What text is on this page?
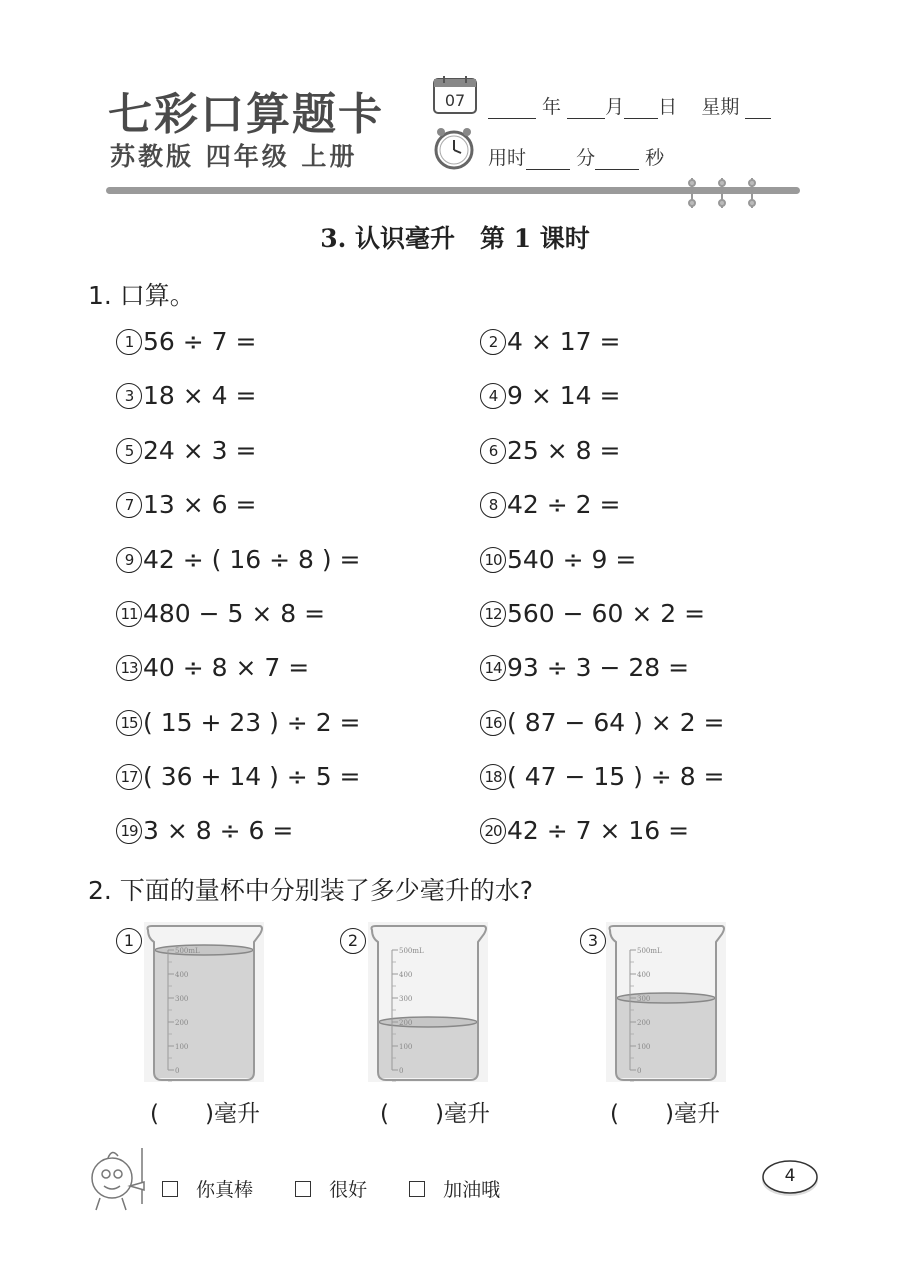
七彩口算题卡
苏教版 四年级 上册
07	年 月 日 星期
用时	分	秒
3. 认识毫升　第 1 课时
1. 口算。
1 56 ÷ 7 =	2 4 × 17 =
3 18 × 4 =	4 9 × 14 =
5 24 × 3 =	6 25 × 8 =
7 13 × 6 =	8 42 ÷ 2 =
9 42 ÷ ( 16 ÷ 8 ) =	10 540 ÷ 9 =
11 480 − 5 × 8 =	12 560 − 60 × 2 =
13 40 ÷ 8 × 7 =	14 93 ÷ 3 − 28 =
15 ( 15 + 23 ) ÷ 2 =	16 ( 87 − 64 ) × 2 =
17 ( 36 + 14 ) ÷ 5 =	18 ( 47 − 15 ) ÷ 8 =
19 3 × 8 ÷ 6 =	20 42 ÷ 7 × 16 =
2. 下面的量杯中分别装了多少毫升的水?
1	2	3
500mL
400
300
200
100
0
500mL
400
300
200
100
0
500mL
400
300
200
100
0
(　　)毫升	(　　)毫升	(　　)毫升
你真棒	很好	加油哦
4
